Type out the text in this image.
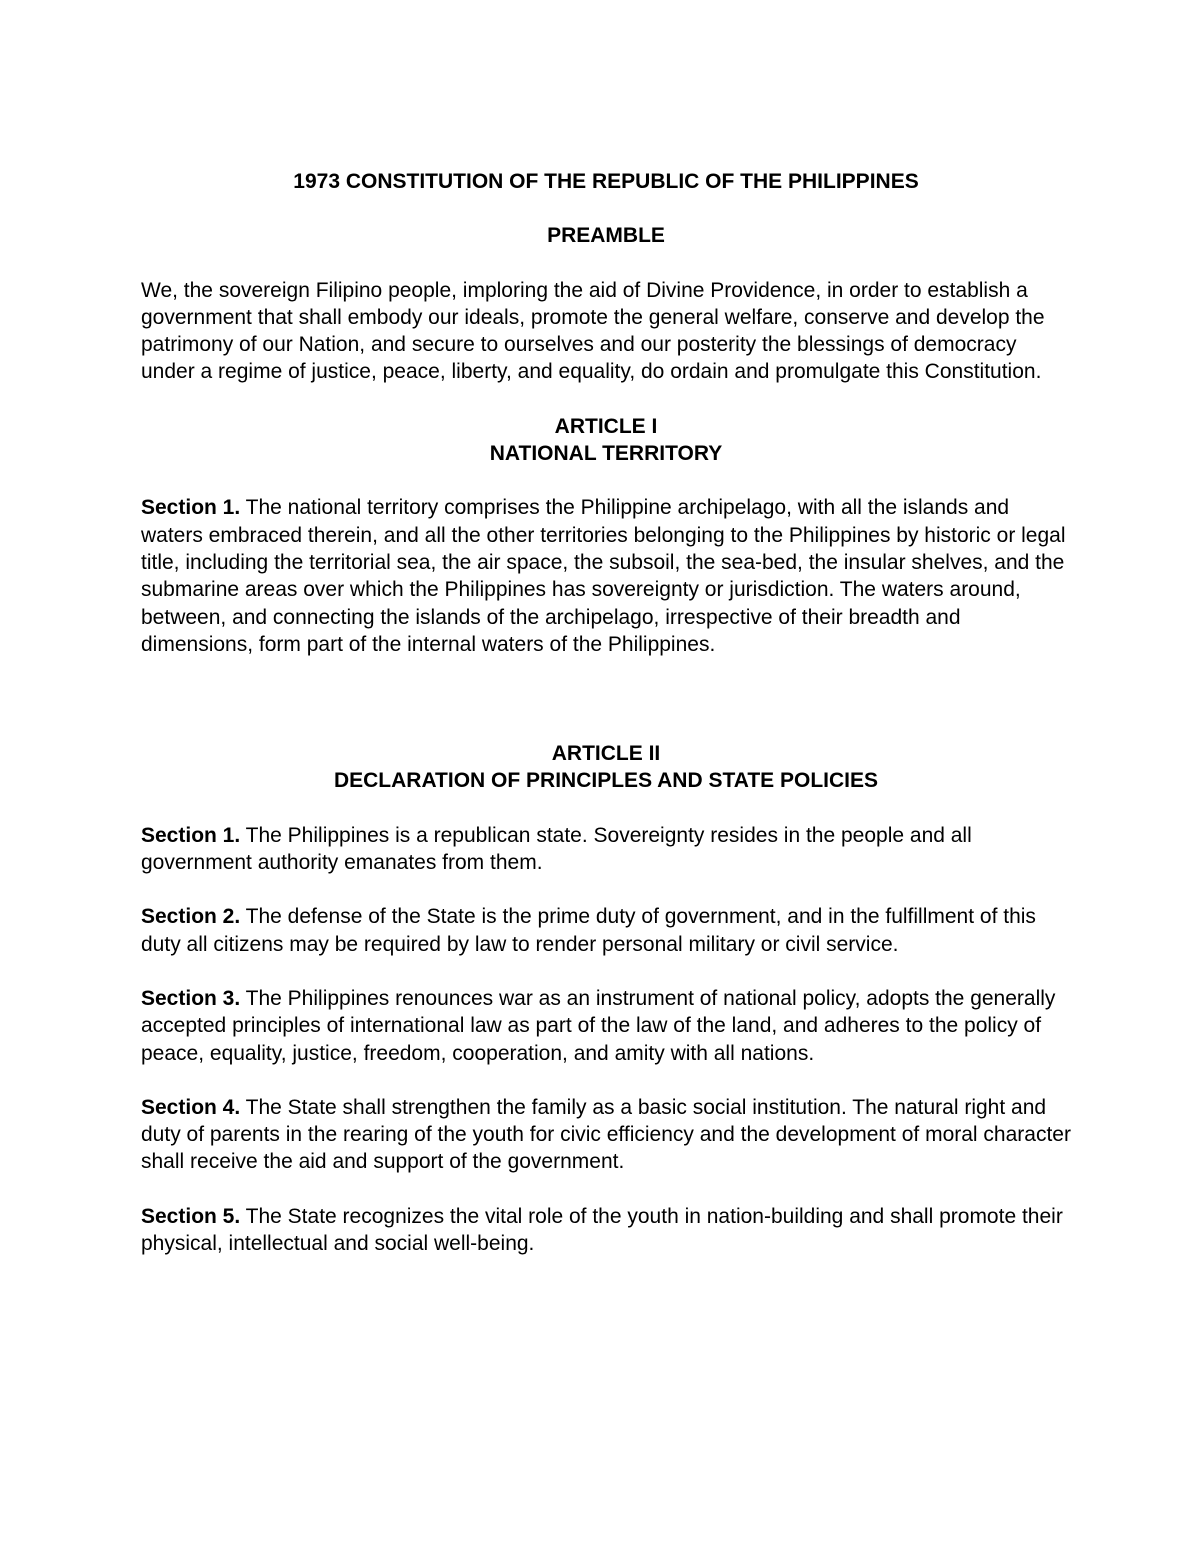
1973 CONSTITUTION OF THE REPUBLIC OF THE PHILIPPINES

PREAMBLE

We, the sovereign Filipino people, imploring the aid of Divine Providence, in order to establish a government that shall embody our ideals, promote the general welfare, conserve and develop the patrimony of our Nation, and secure to ourselves and our posterity the blessings of democracy under a regime of justice, peace, liberty, and equality, do ordain and promulgate this Constitution.

ARTICLE I
NATIONAL TERRITORY

Section 1. The national territory comprises the Philippine archipelago, with all the islands and waters embraced therein, and all the other territories belonging to the Philippines by historic or legal title, including the territorial sea, the air space, the subsoil, the sea-bed, the insular shelves, and the submarine areas over which the Philippines has sovereignty or jurisdiction. The waters around, between, and connecting the islands of the archipelago, irrespective of their breadth and dimensions, form part of the internal waters of the Philippines.

ARTICLE II
DECLARATION OF PRINCIPLES AND STATE POLICIES

Section 1. The Philippines is a republican state. Sovereignty resides in the people and all government authority emanates from them.

Section 2. The defense of the State is the prime duty of government, and in the fulfillment of this duty all citizens may be required by law to render personal military or civil service.

Section 3. The Philippines renounces war as an instrument of national policy, adopts the generally accepted principles of international law as part of the law of the land, and adheres to the policy of peace, equality, justice, freedom, cooperation, and amity with all nations.

Section 4. The State shall strengthen the family as a basic social institution. The natural right and duty of parents in the rearing of the youth for civic efficiency and the development of moral character shall receive the aid and support of the government.

Section 5. The State recognizes the vital role of the youth in nation-building and shall promote their physical, intellectual and social well-being.
